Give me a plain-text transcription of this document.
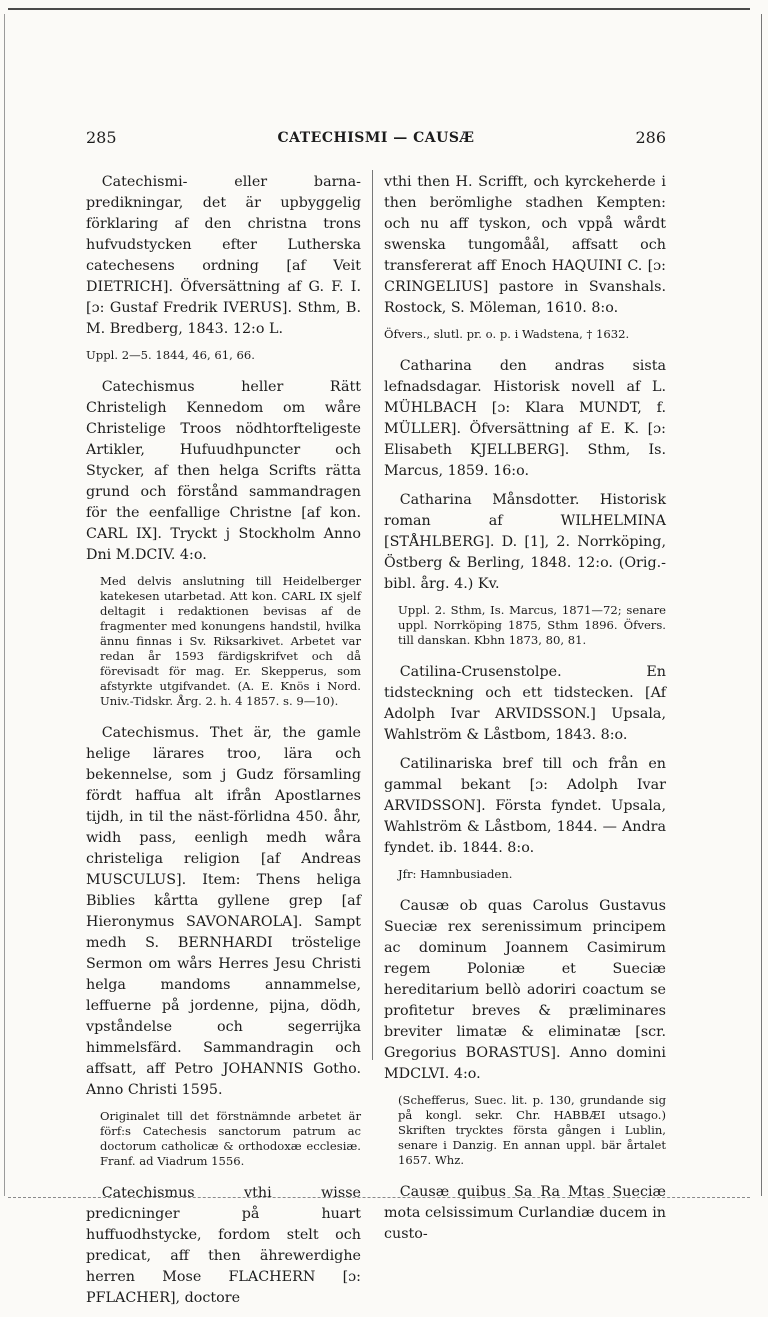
285	CATECHISMI — CAUSÆ	286

Catechismi- eller barna-predikningar, det är upbyggelig förklaring af den christna trons hufvudstycken efter Lutherska catechesens ordning [af Veit DIETRICH]. Öfversättning af G. F. I. [ɔ: Gustaf Fredrik IVERUS]. Sthm, B. M. Bredberg, 1843. 12:o L.

Uppl. 2—5. 1844, 46, 61, 66.

Catechismus heller Rätt Christeligh Kennedom om wåre Christelige Troos nödhtorfteligeste Artikler, Hufuudhpuncter och Stycker, af then helga Scrifts rätta grund och förstånd sammandragen för the eenfallige Christne [af kon. CARL IX]. Tryckt j Stockholm Anno Dni M.DCIV. 4:o.

Med delvis anslutning till Heidelberger katekesen utarbetad. Att kon. CARL IX sjelf deltagit i redaktionen bevisas af de fragmenter med konungens handstil, hvilka ännu finnas i Sv. Riksarkivet. Arbetet var redan år 1593 färdigskrifvet och då förevisadt för mag. Er. Skepperus, som afstyrkte utgifvandet. (A. E. Knös i Nord. Univ.-Tidskr. Årg. 2. h. 4 1857. s. 9—10).

Catechismus. Thet är, the gamle helige lärares troo, lära och bekennelse, som j Gudz församling fördt haffua alt ifrån Apostlarnes tijdh, in til the näst-förlidna 450. åhr, widh pass, eenligh medh wåra christeliga religion [af Andreas MUSCULUS]. Item: Thens heliga Biblies kårtta gyllene grep [af Hieronymus SAVONAROLA]. Sampt medh S. BERNHARDI tröstelige Sermon om wårs Herres Jesu Christi helga mandoms annammelse, leffuerne på jordenne, pijna, dödh, vpståndelse och segerrijka himmelsfärd. Sammandragin och affsatt, aff Petro JOHANNIS Gotho. Anno Christi 1595.

Originalet till det förstnämnde arbetet är förf:s Catechesis sanctorum patrum ac doctorum catholicæ & orthodoxæ ecclesiæ. Franf. ad Viadrum 1556.

Catechismus vthi wisse predicninger på huart huffuodhstycke, fordom stelt och predicat, aff then ährewerdighe herren Mose FLACHERN [ɔ: PFLACHER], doctore

vthi then H. Scrifft, och kyrckeherde i then berömlighe stadhen Kempten: och nu aff tyskon, och vppå wårdt swenska tungomåål, affsatt och transfererat aff Enoch HAQUINI C. [ɔ: CRINGELIUS] pastore in Svanshals. Rostock, S. Möleman, 1610. 8:o.

Öfvers., slutl. pr. o. p. i Wadstena, † 1632.

Catharina den andras sista lefnadsdagar. Historisk novell af L. MÜHLBACH [ɔ: Klara MUNDT, f. MÜLLER]. Öfversättning af E. K. [ɔ: Elisabeth KJELLBERG]. Sthm, Is. Marcus, 1859. 16:o.

Catharina Månsdotter. Historisk roman af WILHELMINA [STÅHLBERG]. D. [1], 2. Norrköping, Östberg & Berling, 1848. 12:o. (Orig.-bibl. årg. 4.) Kv.

Uppl. 2. Sthm, Is. Marcus, 1871—72; senare uppl. Norrköping 1875, Sthm 1896. Öfvers. till danskan. Kbhn 1873, 80, 81.

Catilina-Crusenstolpe. En tidsteckning och ett tidstecken. [Af Adolph Ivar ARVIDSSON.] Upsala, Wahlström & Låstbom, 1843. 8:o.

Catilinariska bref till och från en gammal bekant [ɔ: Adolph Ivar ARVIDSSON]. Första fyndet. Upsala, Wahlström & Låstbom, 1844. — Andra fyndet. ib. 1844. 8:o.

Jfr: Hamnbusiaden.

Causæ ob quas Carolus Gustavus Sueciæ rex serenissimum principem ac dominum Joannem Casimirum regem Poloniæ et Sueciæ hereditarium bellò adoriri coactum se profitetur breves & præliminares breviter limatæ & eliminatæ [scr. Gregorius BORASTUS]. Anno domini MDCLVI. 4:o.

(Schefferus, Suec. lit. p. 130, grundande sig på kongl. sekr. Chr. HABBÆI utsago.) Skriften trycktes första gången i Lublin, senare i Danzig. En annan uppl. bär årtalet 1657. Whz.

Causæ quibus Sa Ra Mtas Sueciæ mota celsissimum Curlandiæ ducem in custo-
